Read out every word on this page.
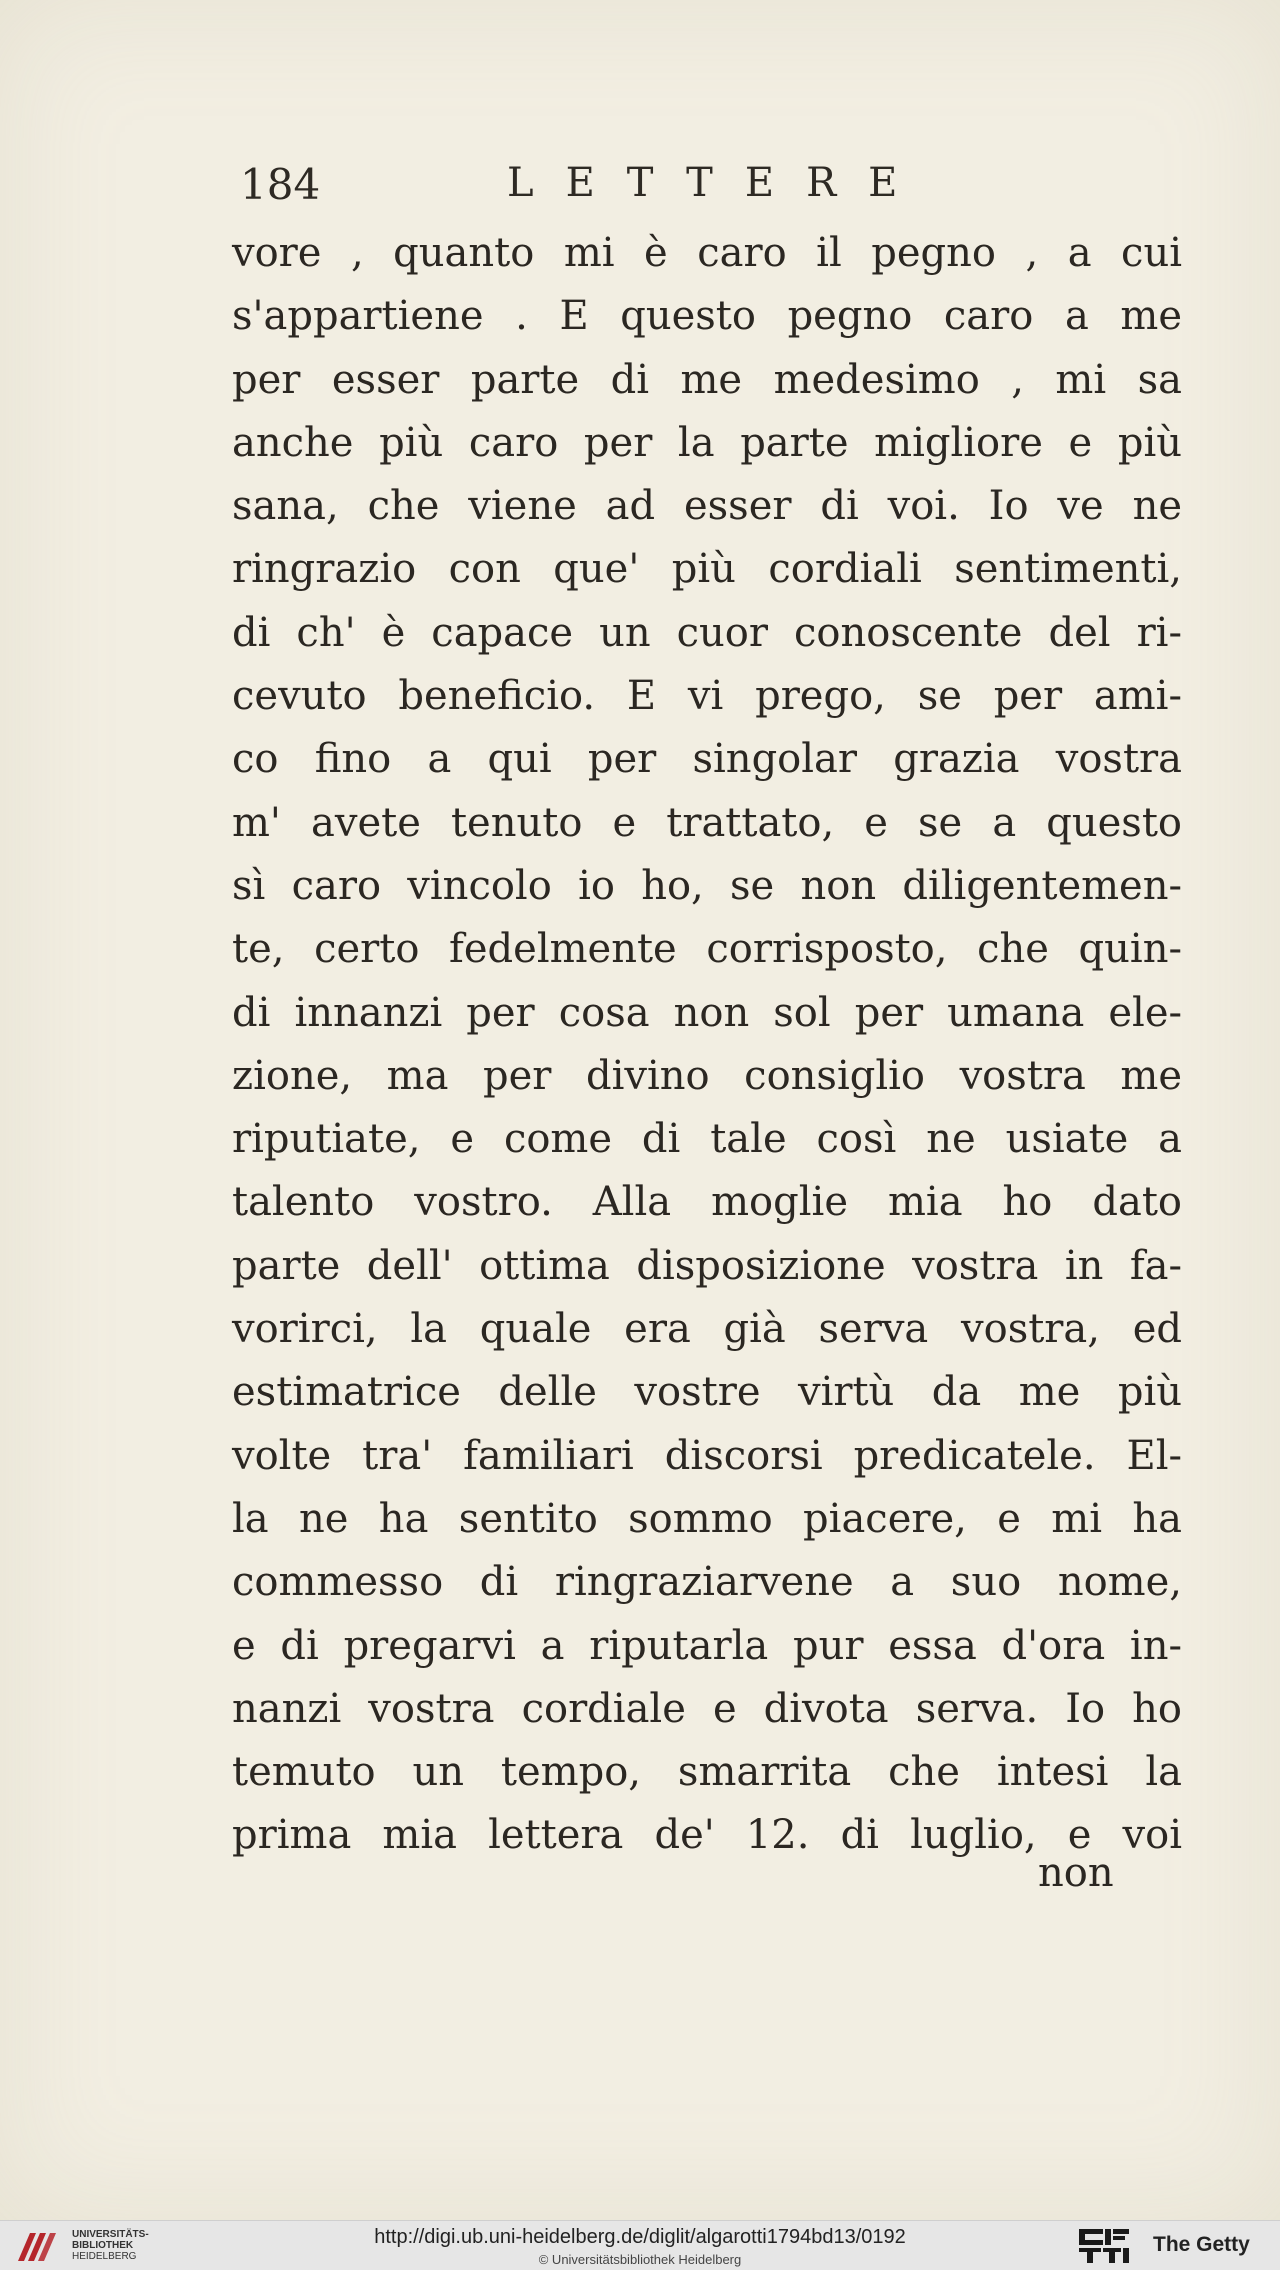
184	LETTERE
vore , quanto mi è caro il pegno , a cui
s'appartiene . E questo pegno caro a me
per esser parte di me medesimo , mi sa
anche più caro per la parte migliore e più
sana, che viene ad esser di voi. Io ve ne
ringrazio con que' più cordiali sentimenti,
di ch' è capace un cuor conoscente del ri-
cevuto beneficio. E vi prego, se per ami-
co fino a qui per singolar grazia vostra
m' avete tenuto e trattato, e se a questo
sì caro vincolo io ho, se non diligentemen-
te, certo fedelmente corrisposto, che quin-
di innanzi per cosa non sol per umana ele-
zione, ma per divino consiglio vostra me
riputiate, e come di tale così ne usiate a
talento vostro. Alla moglie mia ho dato
parte dell' ottima disposizione vostra in fa-
vorirci, la quale era già serva vostra, ed
estimatrice delle vostre virtù da me più
volte tra' familiari discorsi predicatele. El-
la ne ha sentito sommo piacere, e mi ha
commesso di ringraziarvene a suo nome,
e di pregarvi a riputarla pur essa d'ora in-
nanzi vostra cordiale e divota serva. Io ho
temuto un tempo, smarrita che intesi la
prima mia lettera de' 12. di luglio, e voi
non
UNIVERSITÄTS-
BIBLIOTHEK
HEIDELBERG
http://digi.ub.uni-heidelberg.de/diglit/algarotti1794bd13/0192
© Universitätsbibliothek Heidelberg
The Getty
